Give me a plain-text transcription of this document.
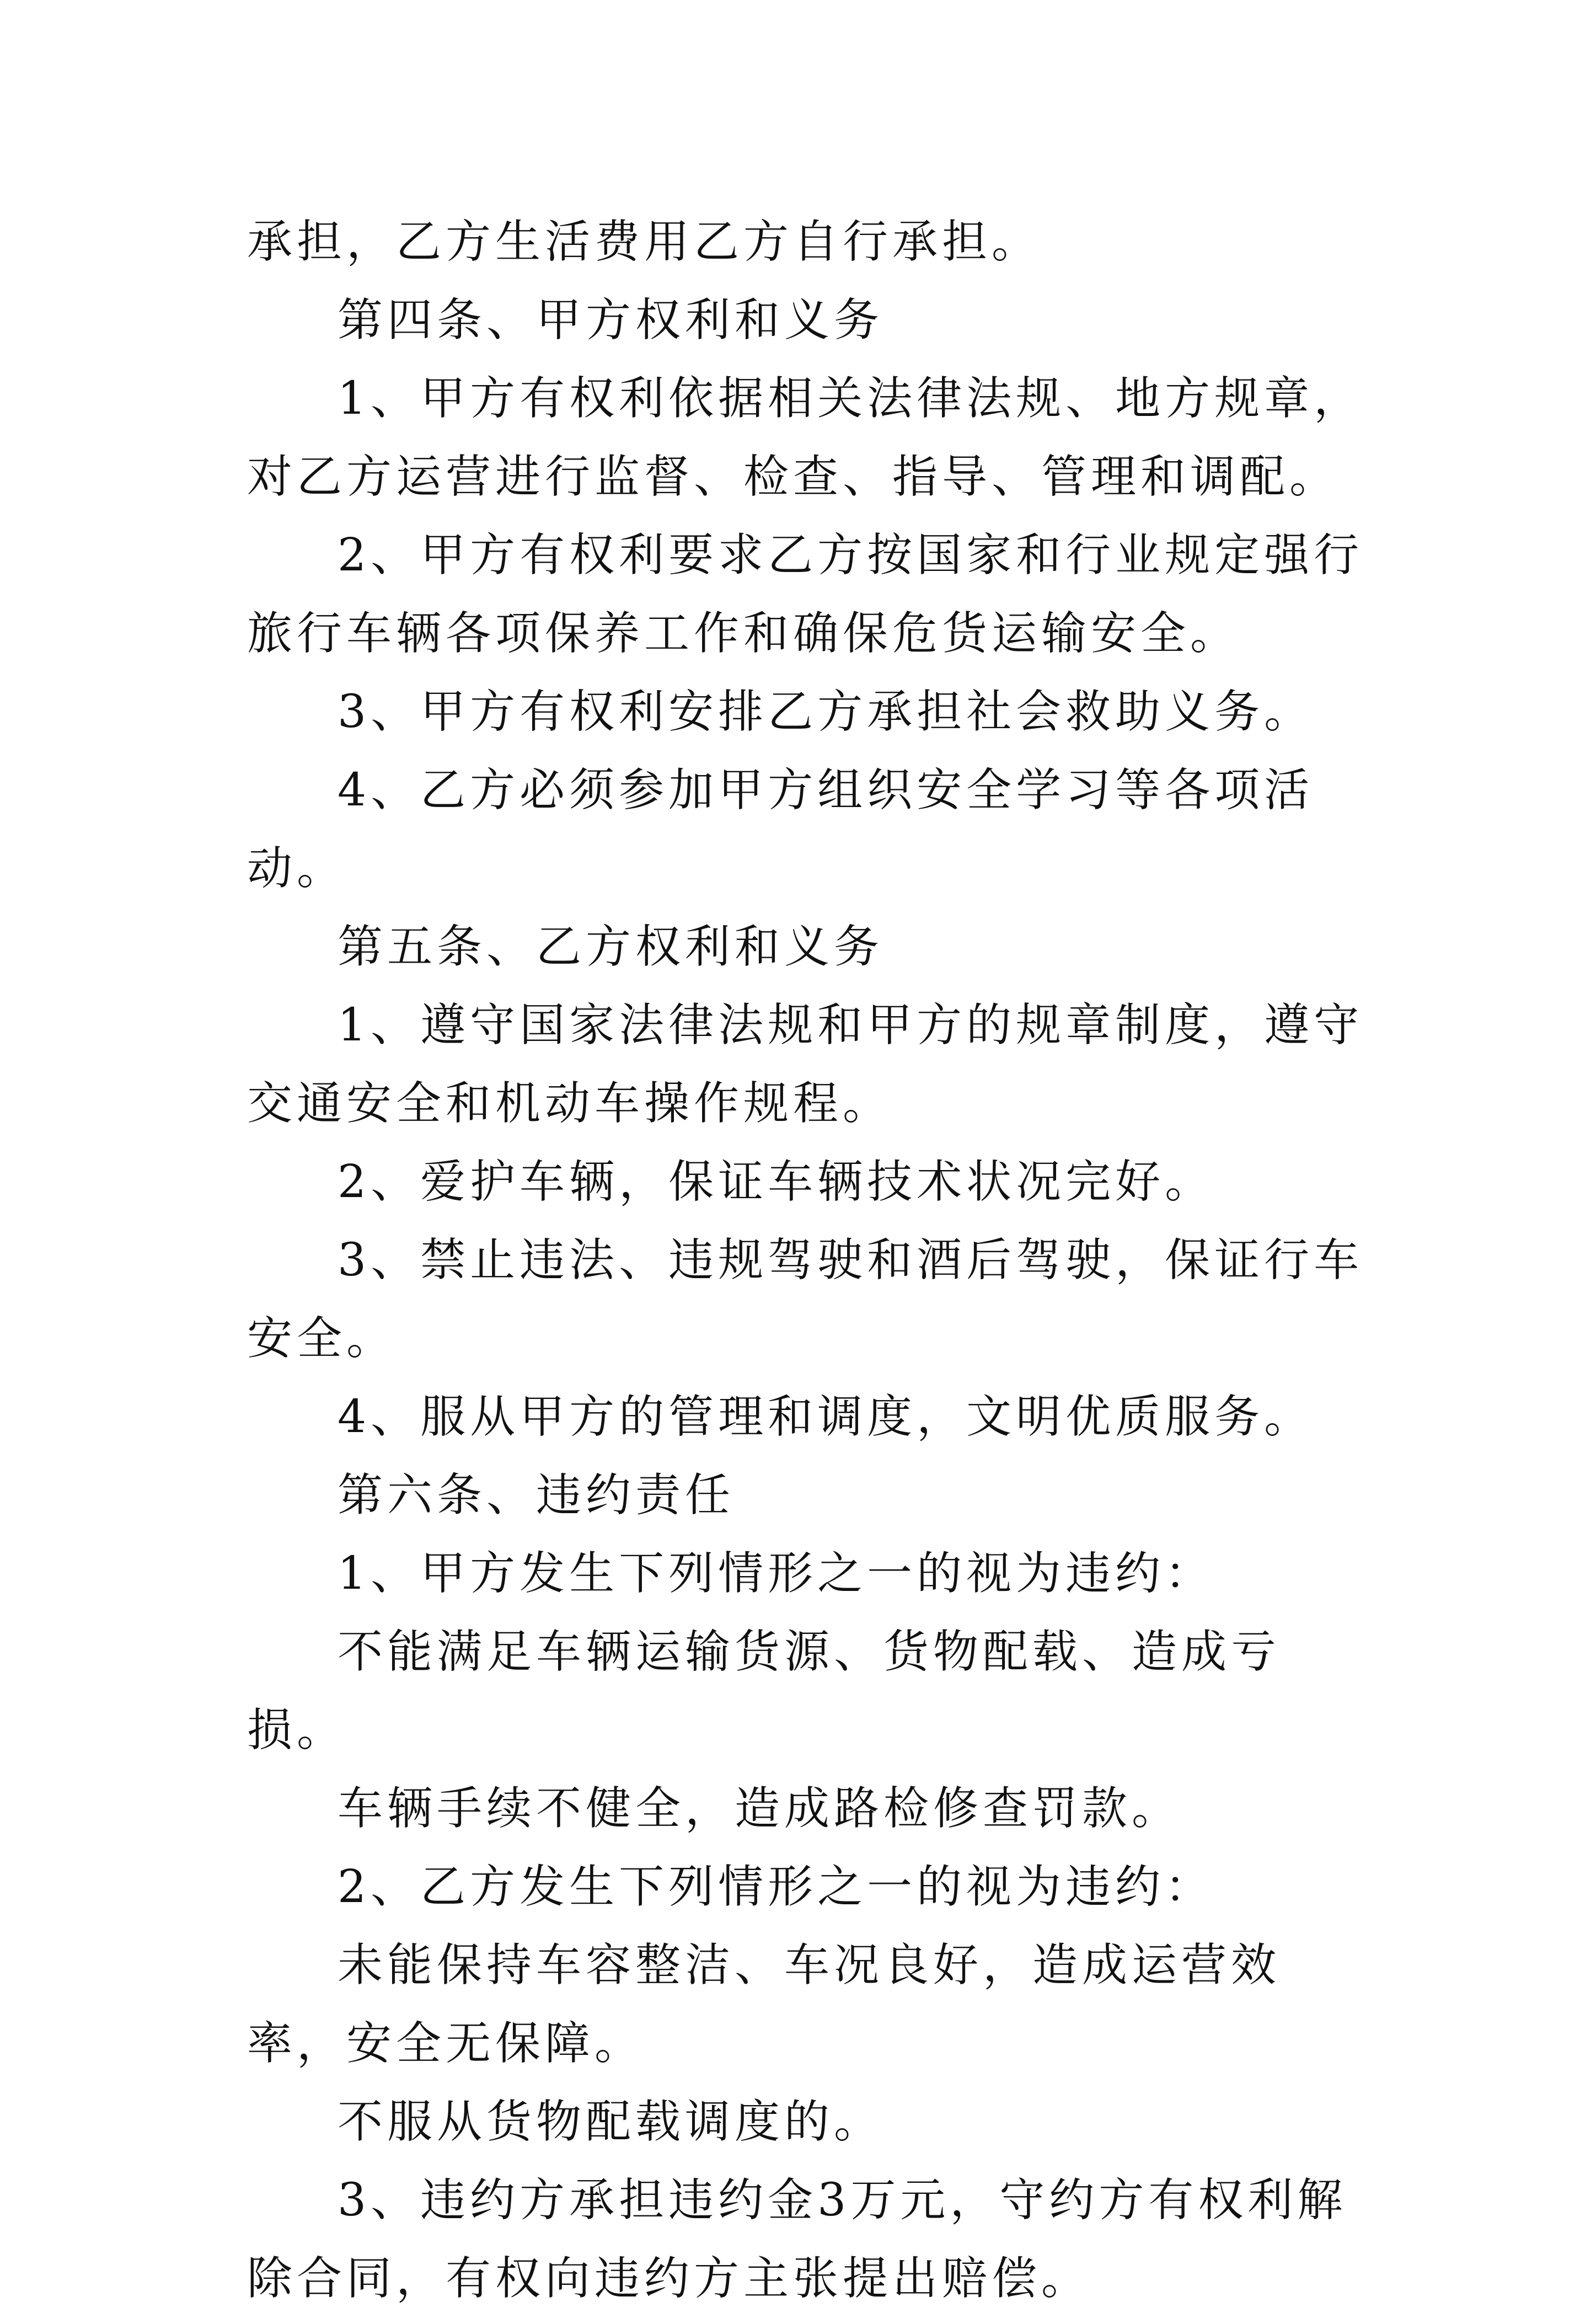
承担，乙方生活费用乙方自行承担。

第四条、甲方权利和义务

1、甲方有权利依据相关法律法规、地方规章，对乙方运营进行监督、检查、指导、管理和调配。

2、甲方有权利要求乙方按国家和行业规定强行旅行车辆各项保养工作和确保危货运输安全。

3、甲方有权利安排乙方承担社会救助义务。

4、乙方必须参加甲方组织安全学习等各项活动。

第五条、乙方权利和义务

1、遵守国家法律法规和甲方的规章制度，遵守交通安全和机动车操作规程。

2、爱护车辆，保证车辆技术状况完好。

3、禁止违法、违规驾驶和酒后驾驶，保证行车安全。

4、服从甲方的管理和调度，文明优质服务。

第六条、违约责任

1、甲方发生下列情形之一的视为违约：

不能满足车辆运输货源、货物配载、造成亏损。

车辆手续不健全，造成路检修查罚款。

2、乙方发生下列情形之一的视为违约：

未能保持车容整洁、车况良好，造成运营效率，安全无保障。

不服从货物配载调度的。

3、违约方承担违约金3万元，守约方有权利解除合同，有权向违约方主张提出赔偿。
